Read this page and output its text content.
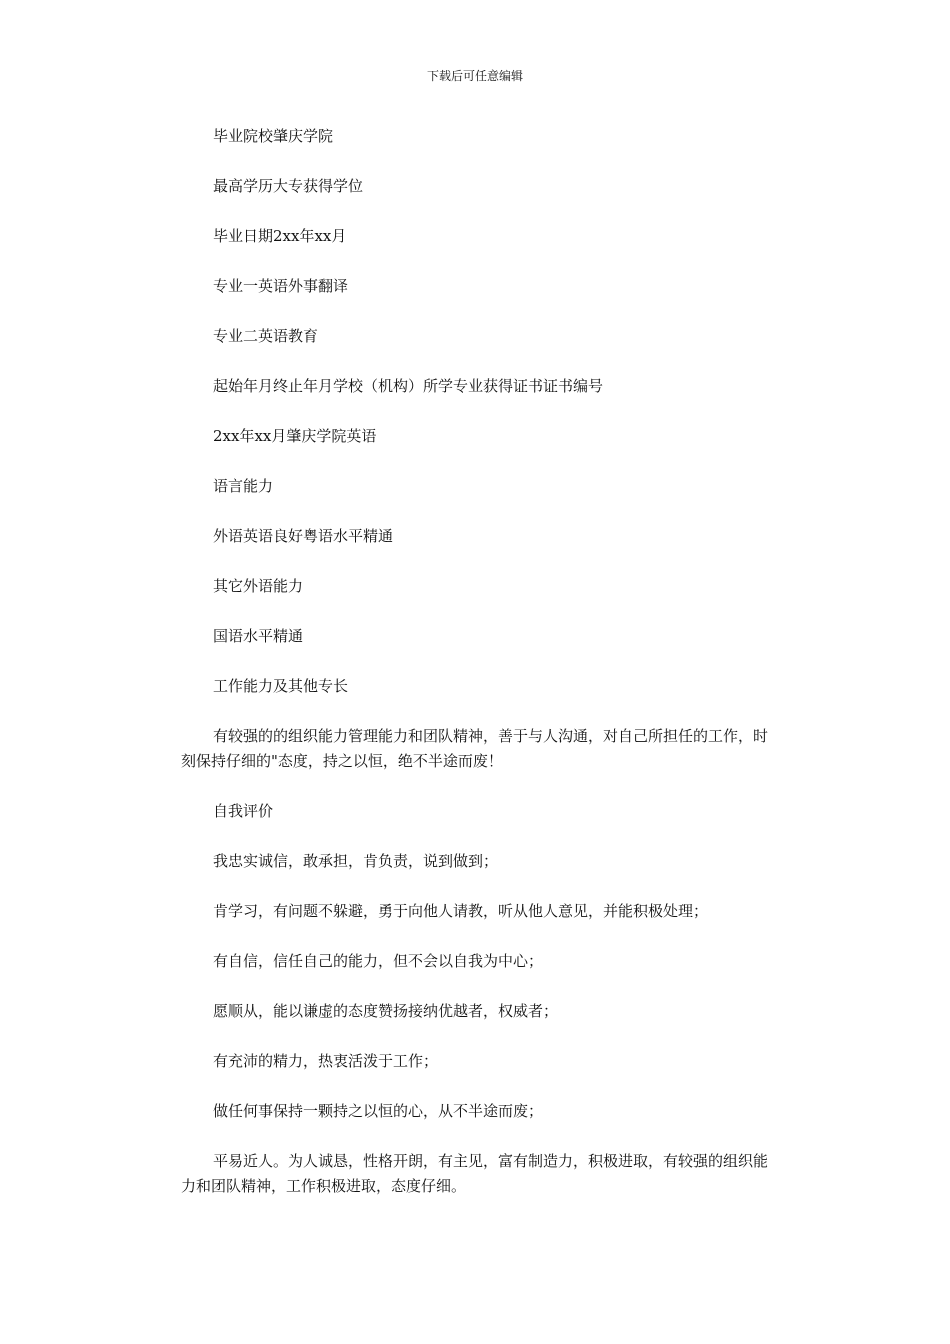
下载后可任意编辑

毕业院校肇庆学院

最高学历大专获得学位

毕业日期2xx年xx月

专业一英语外事翻译

专业二英语教育

起始年月终止年月学校（机构）所学专业获得证书证书编号

2xx年xx月肇庆学院英语

语言能力

外语英语良好粤语水平精通

其它外语能力

国语水平精通

工作能力及其他专长

有较强的的组织能力管理能力和团队精神，善于与人沟通，对自己所担任的工作，时刻保持仔细的"态度，持之以恒，绝不半途而废！

自我评价

我忠实诚信，敢承担，肯负责，说到做到；

肯学习，有问题不躲避，勇于向他人请教，听从他人意见，并能积极处理；

有自信，信任自己的能力，但不会以自我为中心；

愿顺从，能以谦虚的态度赞扬接纳优越者，权威者；

有充沛的精力，热衷活泼于工作；

做任何事保持一颗持之以恒的心，从不半途而废；

平易近人。为人诚恳，性格开朗，有主见，富有制造力，积极进取，有较强的组织能力和团队精神，工作积极进取，态度仔细。
